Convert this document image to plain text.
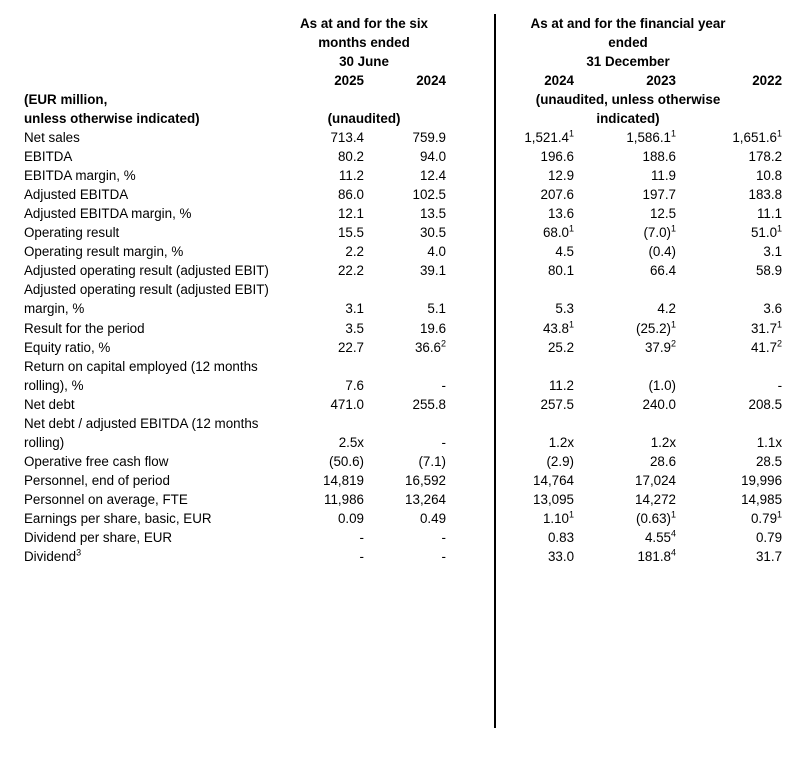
As at and for the six
months ended
30 June

As at and for the financial year
ended
31 December

	2025	2024		2024	2023	2022

(EUR million,
unless otherwise indicated)	(unaudited)		
(unaudited, unless otherwise
indicated)

Net sales	713.4	759.9		1,521.4$^1$	1,586.1$^1$	1,651.6$^1$
EBITDA	80.2	94.0		196.6	188.6	178.2
EBITDA margin, %	11.2	12.4		12.9	11.9	10.8
Adjusted EBITDA	86.0	102.5		207.6	197.7	183.8
Adjusted EBITDA margin, %	12.1	13.5		13.6	12.5	11.1
Operating result	15.5	30.5		68.0$^1$	$(7.0)^1$	51.0$^1$
Operating result margin, %	2.2	4.0		4.5	(0.4)	3.1
Adjusted operating result (adjusted EBIT)	22.2	39.1		80.1	66.4	58.9
Adjusted operating result (adjusted EBIT) margin, %	3.1	5.1		5.3	4.2	3.6
Result for the period	3.5	19.6		43.8$^1$	$(25.2)^1$	31.7$^1$
Equity ratio, %	22.7	36.6$^2$		25.2	37.9$^2$	41.7$^2$
Return on capital employed (12 months rolling), %	7.6	-		11.2	(1.0)	-
Net debt	471.0	255.8		257.5	240.0	208.5
Net debt / adjusted EBITDA (12 months rolling)	2.5x	-		1.2x	1.2x	1.1x
Operative free cash flow	(50.6)	(7.1)		(2.9)	28.6	28.5
Personnel, end of period	14,819	16,592		14,764	17,024	19,996
Personnel on average, FTE	11,986	13,264		13,095	14,272	14,985
Earnings per share, basic, EUR	0.09	0.49		1.10$^1$	$(0.63)^1$	0.79$^1$
Dividend per share, EUR	-	-		0.83	4.55$^4$	0.79
Dividend$^3$	-	-		33.0	181.8$^4$	31.7
